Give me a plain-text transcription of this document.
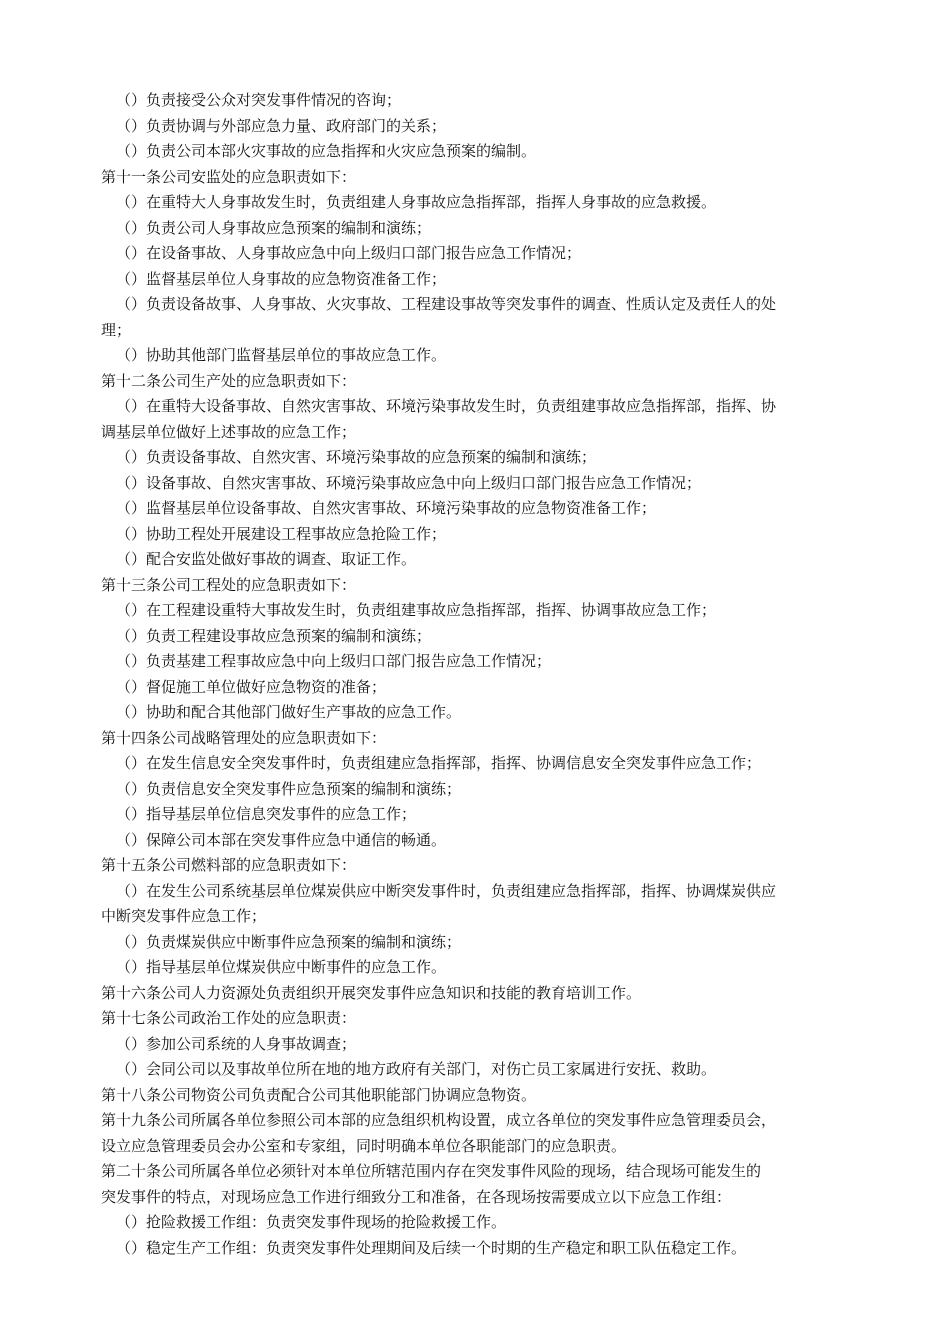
（）负责接受公众对突发事件情况的咨询；

（）负责协调与外部应急力量、政府部门的关系；

（）负责公司本部火灾事故的应急指挥和火灾应急预案的编制。

第十一条公司安监处的应急职责如下：

（）在重特大人身事故发生时，负责组建人身事故应急指挥部，指挥人身事故的应急救援。

（）负责公司人身事故应急预案的编制和演练；

（）在设备事故、人身事故应急中向上级归口部门报告应急工作情况；

（）监督基层单位人身事故的应急物资准备工作；

（）负责设备故事、人身事故、火灾事故、工程建设事故等突发事件的调查、性质认定及责任人的处

理；

（）协助其他部门监督基层单位的事故应急工作。

第十二条公司生产处的应急职责如下：

（）在重特大设备事故、自然灾害事故、环境污染事故发生时，负责组建事故应急指挥部，指挥、协

调基层单位做好上述事故的应急工作；

（）负责设备事故、自然灾害、环境污染事故的应急预案的编制和演练；

（）设备事故、自然灾害事故、环境污染事故应急中向上级归口部门报告应急工作情况；

（）监督基层单位设备事故、自然灾害事故、环境污染事故的应急物资准备工作；

（）协助工程处开展建设工程事故应急抢险工作；

（）配合安监处做好事故的调查、取证工作。

第十三条公司工程处的应急职责如下：

（）在工程建设重特大事故发生时，负责组建事故应急指挥部，指挥、协调事故应急工作；

（）负责工程建设事故应急预案的编制和演练；

（）负责基建工程事故应急中向上级归口部门报告应急工作情况；

（）督促施工单位做好应急物资的准备；

（）协助和配合其他部门做好生产事故的应急工作。

第十四条公司战略管理处的应急职责如下：

（）在发生信息安全突发事件时，负责组建应急指挥部，指挥、协调信息安全突发事件应急工作；

（）负责信息安全突发事件应急预案的编制和演练；

（）指导基层单位信息突发事件的应急工作；

（）保障公司本部在突发事件应急中通信的畅通。

第十五条公司燃料部的应急职责如下：

（）在发生公司系统基层单位煤炭供应中断突发事件时，负责组建应急指挥部，指挥、协调煤炭供应

中断突发事件应急工作；

（）负责煤炭供应中断事件应急预案的编制和演练；

（）指导基层单位煤炭供应中断事件的应急工作。

第十六条公司人力资源处负责组织开展突发事件应急知识和技能的教育培训工作。

第十七条公司政治工作处的应急职责：

（）参加公司系统的人身事故调查；

（）会同公司以及事故单位所在地的地方政府有关部门，对伤亡员工家属进行安抚、救助。

第十八条公司物资公司负责配合公司其他职能部门协调应急物资。

第十九条公司所属各单位参照公司本部的应急组织机构设置，成立各单位的突发事件应急管理委员会，

设立应急管理委员会办公室和专家组，同时明确本单位各职能部门的应急职责。

第二十条公司所属各单位必须针对本单位所辖范围内存在突发事件风险的现场，结合现场可能发生的

突发事件的特点，对现场应急工作进行细致分工和准备，在各现场按需要成立以下应急工作组：

（）抢险救援工作组：负责突发事件现场的抢险救援工作。

（）稳定生产工作组：负责突发事件处理期间及后续一个时期的生产稳定和职工队伍稳定工作。
